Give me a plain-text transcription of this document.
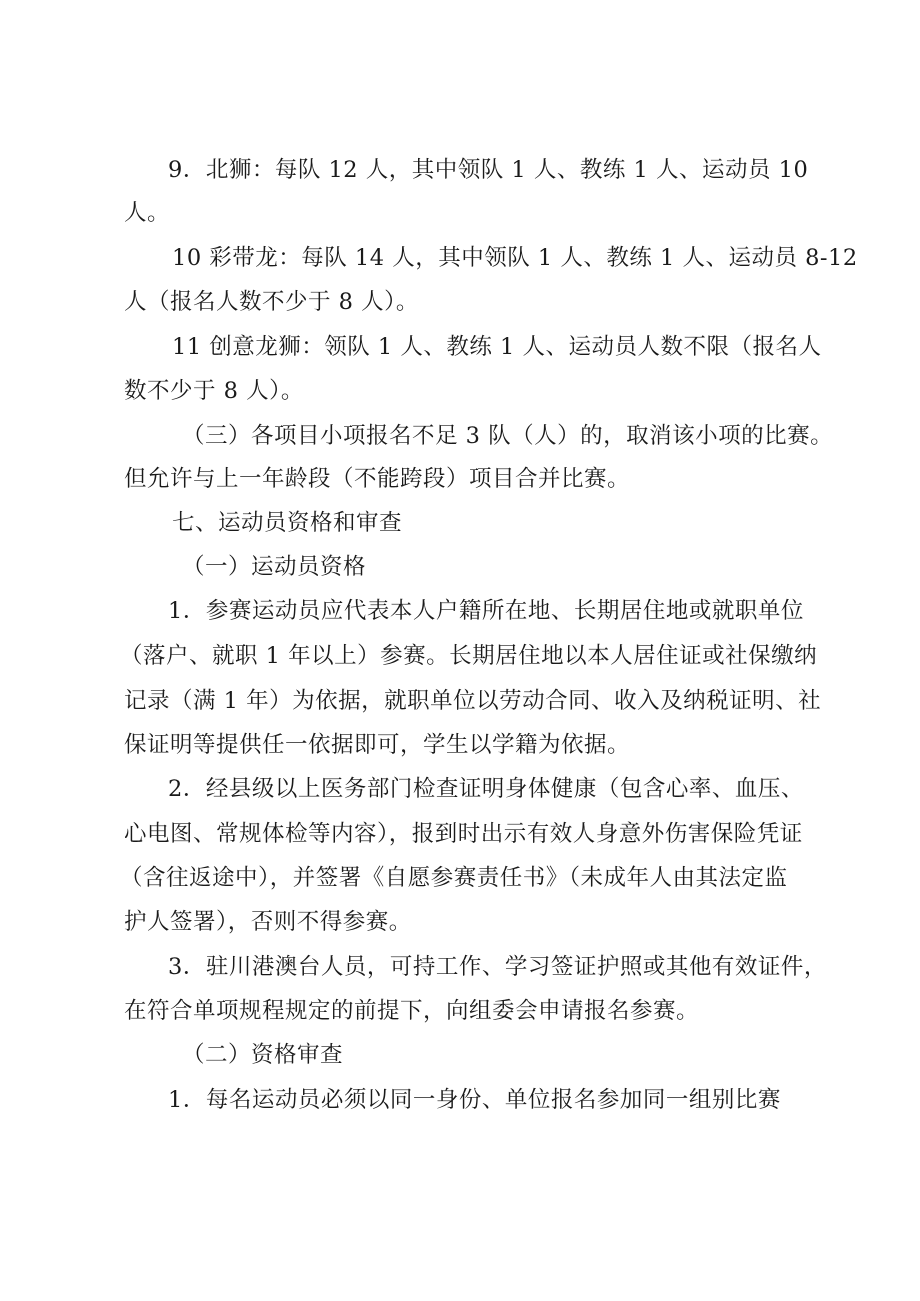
9．北狮：每队 12 人，其中领队 1 人、教练 1 人、运动员 10
人。
10 彩带龙：每队 14 人，其中领队 1 人、教练 1 人、运动员 8-12
人（报名人数不少于 8 人）。
11 创意龙狮：领队 1 人、教练 1 人、运动员人数不限（报名人
数不少于 8 人）。
（三）各项目小项报名不足 3 队（人）的，取消该小项的比赛。
但允许与上一年龄段（不能跨段）项目合并比赛。
七、运动员资格和审查
（一）运动员资格
1．参赛运动员应代表本人户籍所在地、长期居住地或就职单位
（落户、就职 1 年以上）参赛。长期居住地以本人居住证或社保缴纳
记录（满 1 年）为依据，就职单位以劳动合同、收入及纳税证明、社
保证明等提供任一依据即可，学生以学籍为依据。
2．经县级以上医务部门检查证明身体健康（包含心率、血压、
心电图、常规体检等内容），报到时出示有效人身意外伤害保险凭证
（含往返途中），并签署《自愿参赛责任书》（未成年人由其法定监
护人签署），否则不得参赛。
3．驻川港澳台人员，可持工作、学习签证护照或其他有效证件，
在符合单项规程规定的前提下，向组委会申请报名参赛。
（二）资格审查
1．每名运动员必须以同一身份、单位报名参加同一组别比赛
